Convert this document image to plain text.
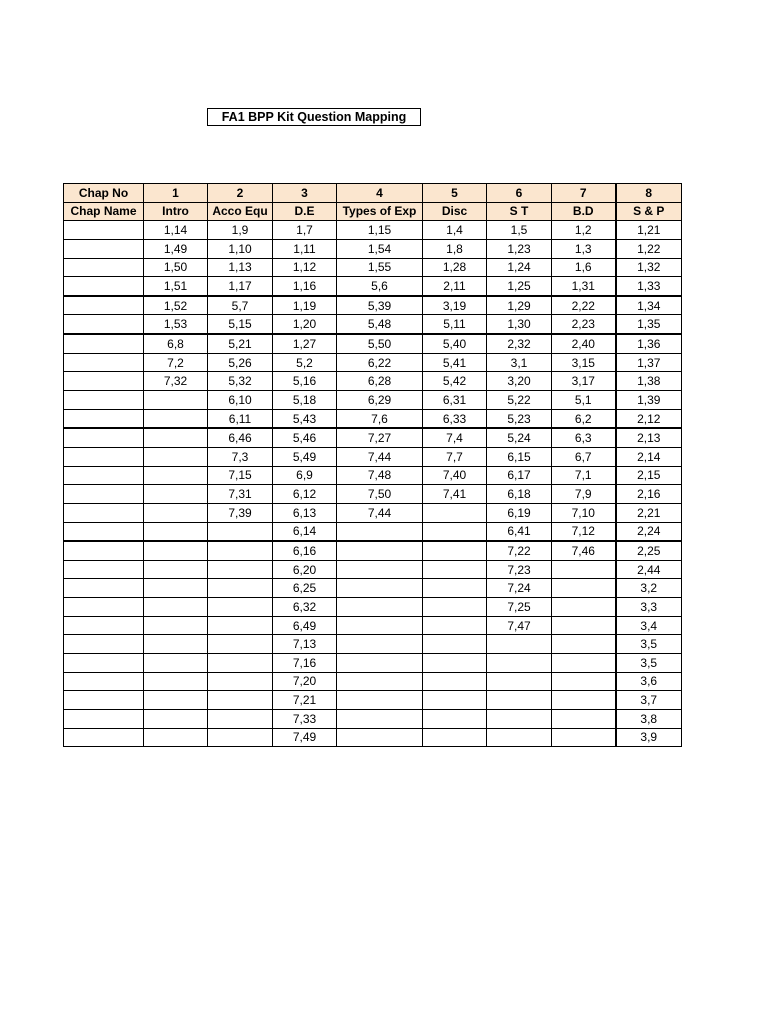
FA1 BPP Kit Question Mapping
Chap No	1	2	3	4	5	6	7	8
Chap Name	Intro	Acco Equ	D.E	Types of Exp	Disc	S T	B.D	S & P
	1,14	1,9	1,7	1,15	1,4	1,5	1,2	1,21
	1,49	1,10	1,11	1,54	1,8	1,23	1,3	1,22
	1,50	1,13	1,12	1,55	1,28	1,24	1,6	1,32
	1,51	1,17	1,16	5,6	2,11	1,25	1,31	1,33
	1,52	5,7	1,19	5,39	3,19	1,29	2,22	1,34
	1,53	5,15	1,20	5,48	5,11	1,30	2,23	1,35
	6,8	5,21	1,27	5,50	5,40	2,32	2,40	1,36
	7,2	5,26	5,2	6,22	5,41	3,1	3,15	1,37
	7,32	5,32	5,16	6,28	5,42	3,20	3,17	1,38
		6,10	5,18	6,29	6,31	5,22	5,1	1,39
		6,11	5,43	7,6	6,33	5,23	6,2	2,12
		6,46	5,46	7,27	7,4	5,24	6,3	2,13
		7,3	5,49	7,44	7,7	6,15	6,7	2,14
		7,15	6,9	7,48	7,40	6,17	7,1	2,15
		7,31	6,12	7,50	7,41	6,18	7,9	2,16
		7,39	6,13	7,44		6,19	7,10	2,21
			6,14			6,41	7,12	2,24
			6,16			7,22	7,46	2,25
			6,20			7,23		2,44
			6,25			7,24		3,2
			6,32			7,25		3,3
			6,49			7,47		3,4
			7,13					3,5
			7,16					3,5
			7,20					3,6
			7,21					3,7
			7,33					3,8
			7,49					3,9
